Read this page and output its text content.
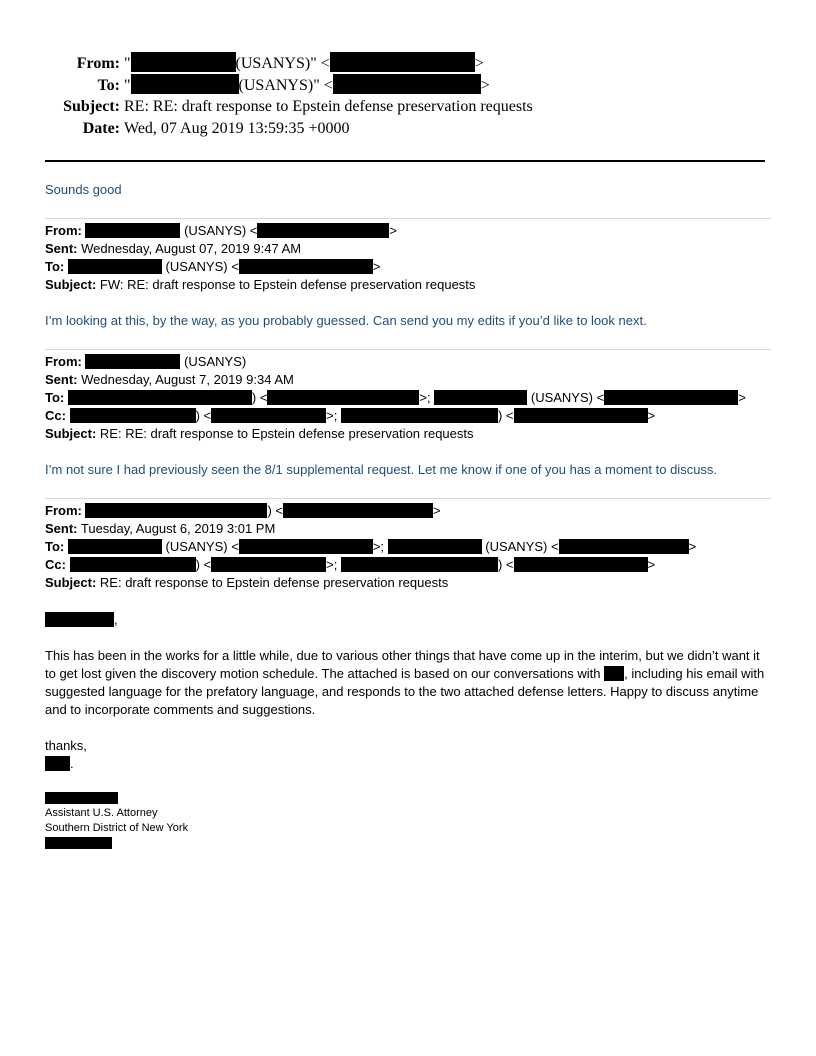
From: "	(USANYS)" <	>
To: "	(USANYS)" <	>
Subject: RE: RE: draft response to Epstein defense preservation requests
Date: Wed, 07 Aug 2019 13:59:35 +0000
Sounds good
From:	(USANYS) <	>
Sent: Wednesday, August 07, 2019 9:47 AM
To:	(USANYS) <	>
Subject: FW: RE: draft response to Epstein defense preservation requests
I’m looking at this, by the way, as you probably guessed. Can send you my edits if you’d like to look next.
From:	(USANYS)
Sent: Wednesday, August 7, 2019 9:34 AM
To:	) <	>;	(USANYS) <	>
Cc:	) <	>;	) <	>
Subject: RE: RE: draft response to Epstein defense preservation requests
I’m not sure I had previously seen the 8/1 supplemental request. Let me know if one of you has a moment to discuss.
From:	) <	>
Sent: Tuesday, August 6, 2019 3:01 PM
To:	(USANYS) <	>;	(USANYS) <	>
Cc:	) <	>;	) <	>
Subject: RE: draft response to Epstein defense preservation requests
,
This has been in the works for a little while, due to various other things that have come up in the interim, but we didn’t want it to get lost given the discovery motion schedule. The attached is based on our conversations with , including his email with suggested language for the prefatory language, and responds to the two attached defense letters. Happy to discuss anytime and to incorporate comments and suggestions.
thanks,
.
Assistant U.S. Attorney
Southern District of New York
